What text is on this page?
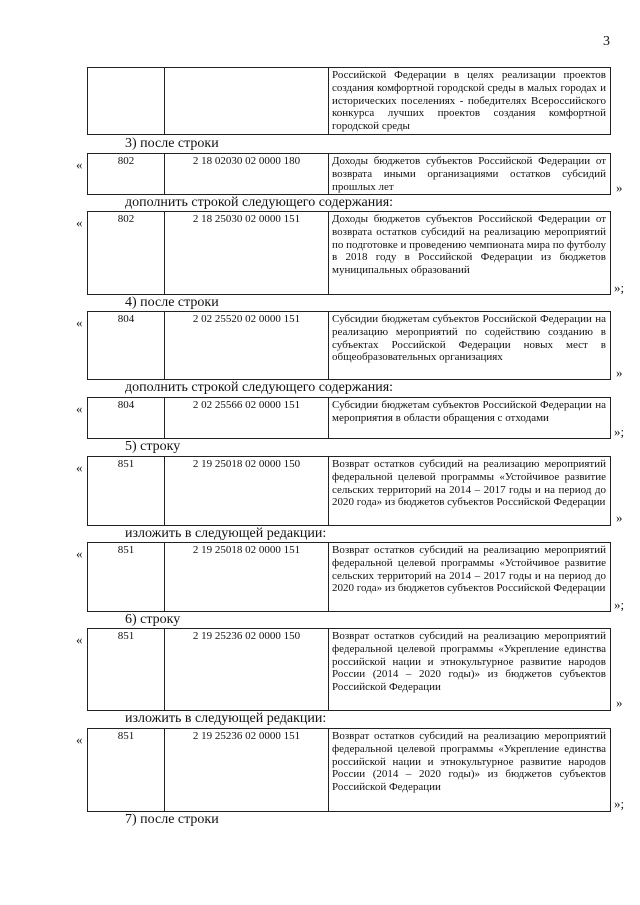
3
Российской Федерации в целях реализации проектов создания комфортной городской среды в малых городах и исторических поселениях - победителях Всероссийского конкурса лучших проектов создания комфортной городской среды
3) после строки
«	802	2 18 02030 02 0000 180	Доходы бюджетов субъектов Российской Федерации от возврата иными организациями остатков субсидий прошлых лет	»
дополнить строкой следующего содержания:
«	802	2 18 25030 02 0000 151	Доходы бюджетов субъектов Российской Федерации от возврата остатков субсидий на реализацию мероприятий по подготовке и проведению чемпионата мира по футболу в 2018 году в Российской Федерации из бюджетов муниципальных образований
»;
4) после строки
«	804	2 02 25520 02 0000 151	Субсидии бюджетам субъектов Российской Федерации на реализацию мероприятий по содействию созданию в субъектах Российской Федерации новых мест в общеобразовательных организациях
»
дополнить строкой следующего содержания:
«	804	2 02 25566 02 0000 151	Субсидии бюджетам субъектов Российской Федерации на мероприятия в области обращения с отходами
»;
5) строку
«	851	2 19 25018 02 0000 150	Возврат остатков субсидий на реализацию мероприятий федеральной целевой программы «Устойчивое развитие сельских территорий на 2014 – 2017 годы и на период до 2020 года» из бюджетов субъектов Российской Федерации
»
изложить в следующей редакции:
«	851	2 19 25018 02 0000 151	Возврат остатков субсидий на реализацию мероприятий федеральной целевой программы «Устойчивое развитие сельских территорий на 2014 – 2017 годы и на период до 2020 года» из бюджетов субъектов Российской Федерации
»;
6) строку
«	851	2 19 25236 02 0000 150	Возврат остатков субсидий на реализацию мероприятий федеральной целевой программы «Укрепление единства российской нации и этнокультурное развитие народов России (2014 – 2020 годы)» из бюджетов субъектов Российской Федерации
»
изложить в следующей редакции:
«	851	2 19 25236 02 0000 151	Возврат остатков субсидий на реализацию мероприятий федеральной целевой программы «Укрепление единства российской нации и этнокультурное развитие народов России (2014 – 2020 годы)» из бюджетов субъектов Российской Федерации
»;
7) после строки
